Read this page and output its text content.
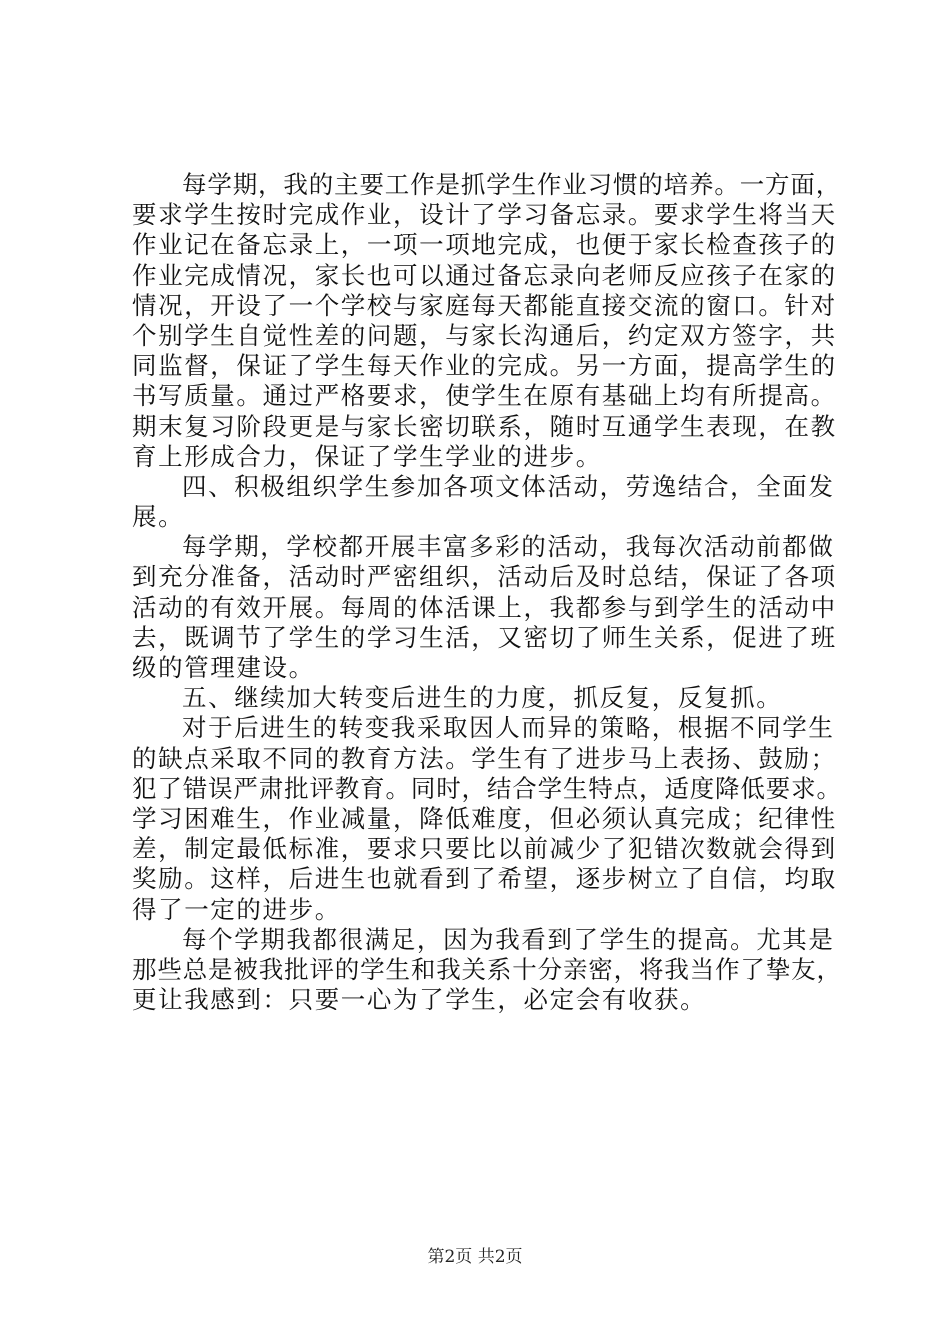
每学期，我的主要工作是抓学生作业习惯的培养。一方面，
要求学生按时完成作业，设计了学习备忘录。要求学生将当天
作业记在备忘录上，一项一项地完成，也便于家长检查孩子的
作业完成情况，家长也可以通过备忘录向老师反应孩子在家的
情况，开设了一个学校与家庭每天都能直接交流的窗口。针对
个别学生自觉性差的问题，与家长沟通后，约定双方签字，共
同监督，保证了学生每天作业的完成。另一方面，提高学生的
书写质量。通过严格要求，使学生在原有基础上均有所提高。
期末复习阶段更是与家长密切联系，随时互通学生表现，在教
育上形成合力，保证了学生学业的进步。
四、积极组织学生参加各项文体活动，劳逸结合，全面发
展。
每学期，学校都开展丰富多彩的活动，我每次活动前都做
到充分准备，活动时严密组织，活动后及时总结，保证了各项
活动的有效开展。每周的体活课上，我都参与到学生的活动中
去，既调节了学生的学习生活，又密切了师生关系，促进了班
级的管理建设。
五、继续加大转变后进生的力度，抓反复，反复抓。
对于后进生的转变我采取因人而异的策略，根据不同学生
的缺点采取不同的教育方法。学生有了进步马上表扬、鼓励；
犯了错误严肃批评教育。同时，结合学生特点，适度降低要求。
学习困难生，作业减量，降低难度，但必须认真完成；纪律性
差，制定最低标准，要求只要比以前减少了犯错次数就会得到
奖励。这样，后进生也就看到了希望，逐步树立了自信，均取
得了一定的进步。
每个学期我都很满足，因为我看到了学生的提高。尤其是
那些总是被我批评的学生和我关系十分亲密，将我当作了挚友，
更让我感到：只要一心为了学生，必定会有收获。
第2页 共2页
